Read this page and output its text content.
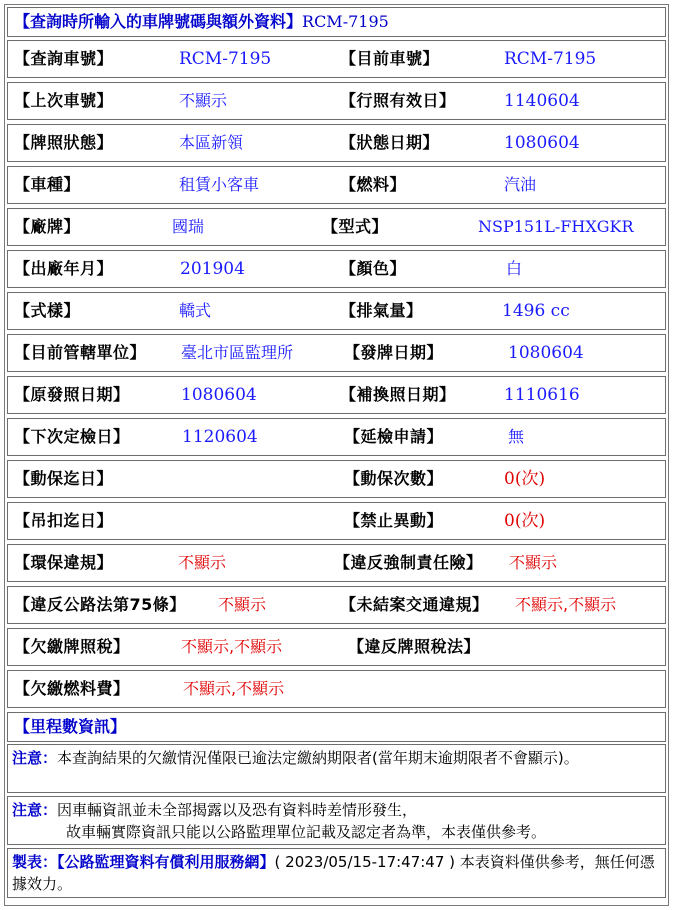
【查詢時所輸入的車牌號碼與額外資料】RCM-7195
【查詢車號】	RCM-7195	【目前車號】	RCM-7195
【上次車號】	不顯示	【行照有效日】	1140604
【牌照狀態】	本區新領	【狀態日期】	1080604
【車種】	租賃小客車	【燃料】	汽油
【廠牌】	國瑞	【型式】	NSP151L-FHXGKR
【出廠年月】	201904	【顏色】	白
【式樣】	轎式	【排氣量】	1496 cc
【目前管轄單位】 臺北市區監理所	【發牌日期】	1080604
【原發照日期】	1080604	【補換照日期】	1110616
【下次定檢日】	1120604	【延檢申請】	無
【動保迄日】	【動保次數】	0(次)
【吊扣迄日】	【禁止異動】	0(次)
【環保違規】	不顯示	【違反強制責任險】 不顯示
【違反公路法第75條】 不顯示	【未結案交通違規】 不顯示,不顯示
【欠繳牌照稅】	不顯示,不顯示	【違反牌照稅法】
【欠繳燃料費】	不顯示,不顯示
【里程數資訊】
注意：本查詢結果的欠繳情況僅限已逾法定繳納期限者(當年期末逾期限者不會顯示)。
注意：因車輛資訊並未全部揭露以及恐有資料時差情形發生，
故車輛實際資訊只能以公路監理單位記載及認定者為準，本表僅供參考。
製表：【公路監理資料有償利用服務網】( 2023/05/15-17:47:47 ) 本表資料僅供參考，無任何憑據效力。
